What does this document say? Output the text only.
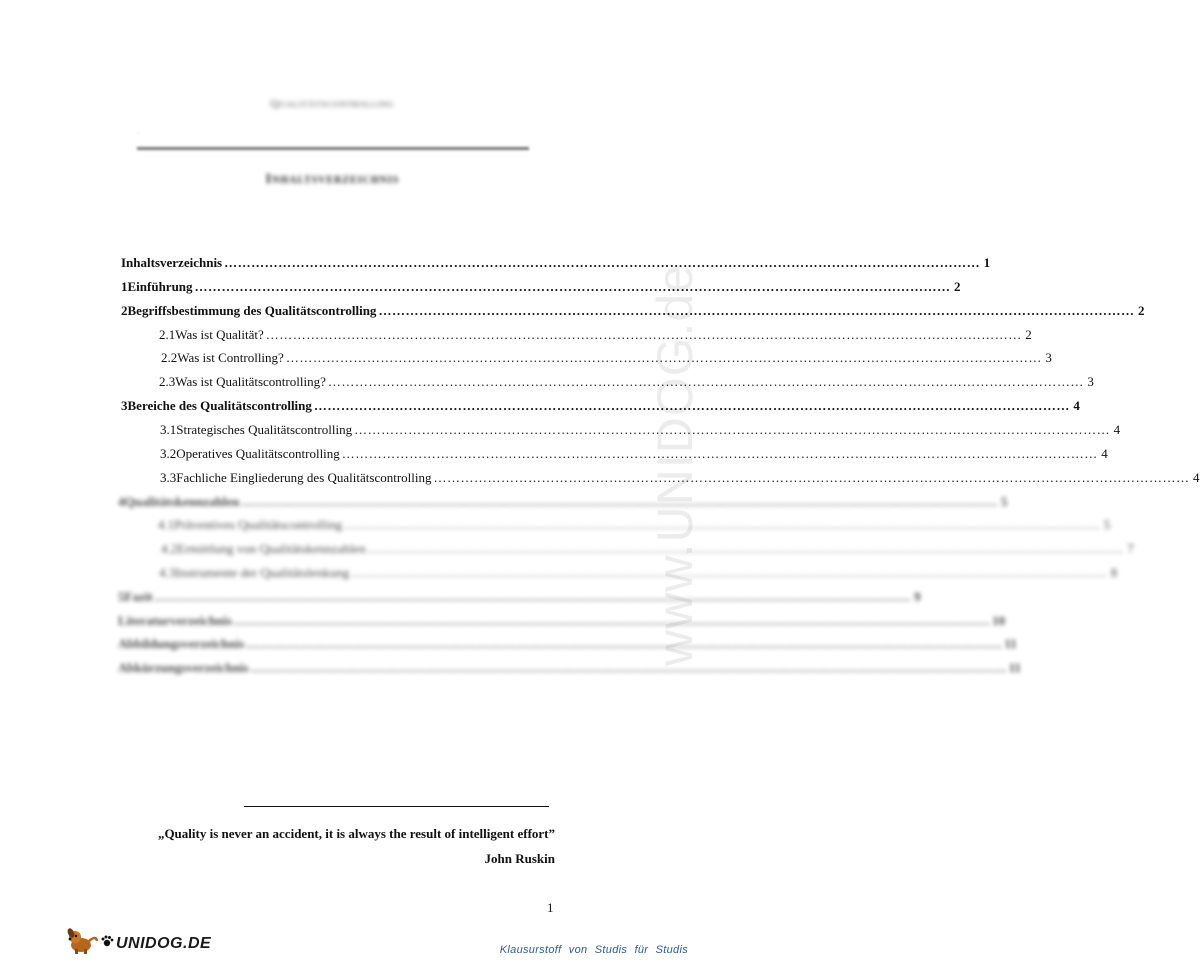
Qualitätscontrolling
·
Inhaltsverzeichnis
www.UNIDOG.de
Inhaltsverzeichnis ……………………………………………………………………………………………………………………………………………………	1
1 Einführung ……………………………………………………………………………………………………………………………………………………	2
2 Begriffsbestimmung des Qualitätscontrolling ……………………………………………………………………………………………………………………………………………………	2
2.1 Was ist Qualität? ……………………………………………………………………………………………………………………………………………………	2
2.2 Was ist Controlling? ……………………………………………………………………………………………………………………………………………………	3
2.3 Was ist Qualitätscontrolling? ……………………………………………………………………………………………………………………………………………………	3
3 Bereiche des Qualitätscontrolling ……………………………………………………………………………………………………………………………………………………	4
3.1 Strategisches Qualitätscontrolling ……………………………………………………………………………………………………………………………………………………	4
3.2 Operatives Qualitätscontrolling ……………………………………………………………………………………………………………………………………………………	4
3.3 Fachliche Eingliederung des Qualitätscontrolling ……………………………………………………………………………………………………………………………………………………	4
4 Qualitätskennzahlen ……………………………………………………………………………………………………………………………………………………	5
4.1 Präventives Qualitätscontrolling ……………………………………………………………………………………………………………………………………………………	5
4.2 Ermittlung von Qualitätskennzahlen ……………………………………………………………………………………………………………………………………………………	7
4.3 Instrumente der Qualitätslenkung ……………………………………………………………………………………………………………………………………………………	8
5 Fazit ……………………………………………………………………………………………………………………………………………………	9
Literaturverzeichnis ……………………………………………………………………………………………………………………………………………………	10
Abbildungsverzeichnis ……………………………………………………………………………………………………………………………………………………	11
Abkürzungsverzeichnis ……………………………………………………………………………………………………………………………………………………	11
„Quality is never an accident, it is always the result of intelligent effort”
John Ruskin
1
UNIDOG.DE	Klausurstoff von Studis für Studis
